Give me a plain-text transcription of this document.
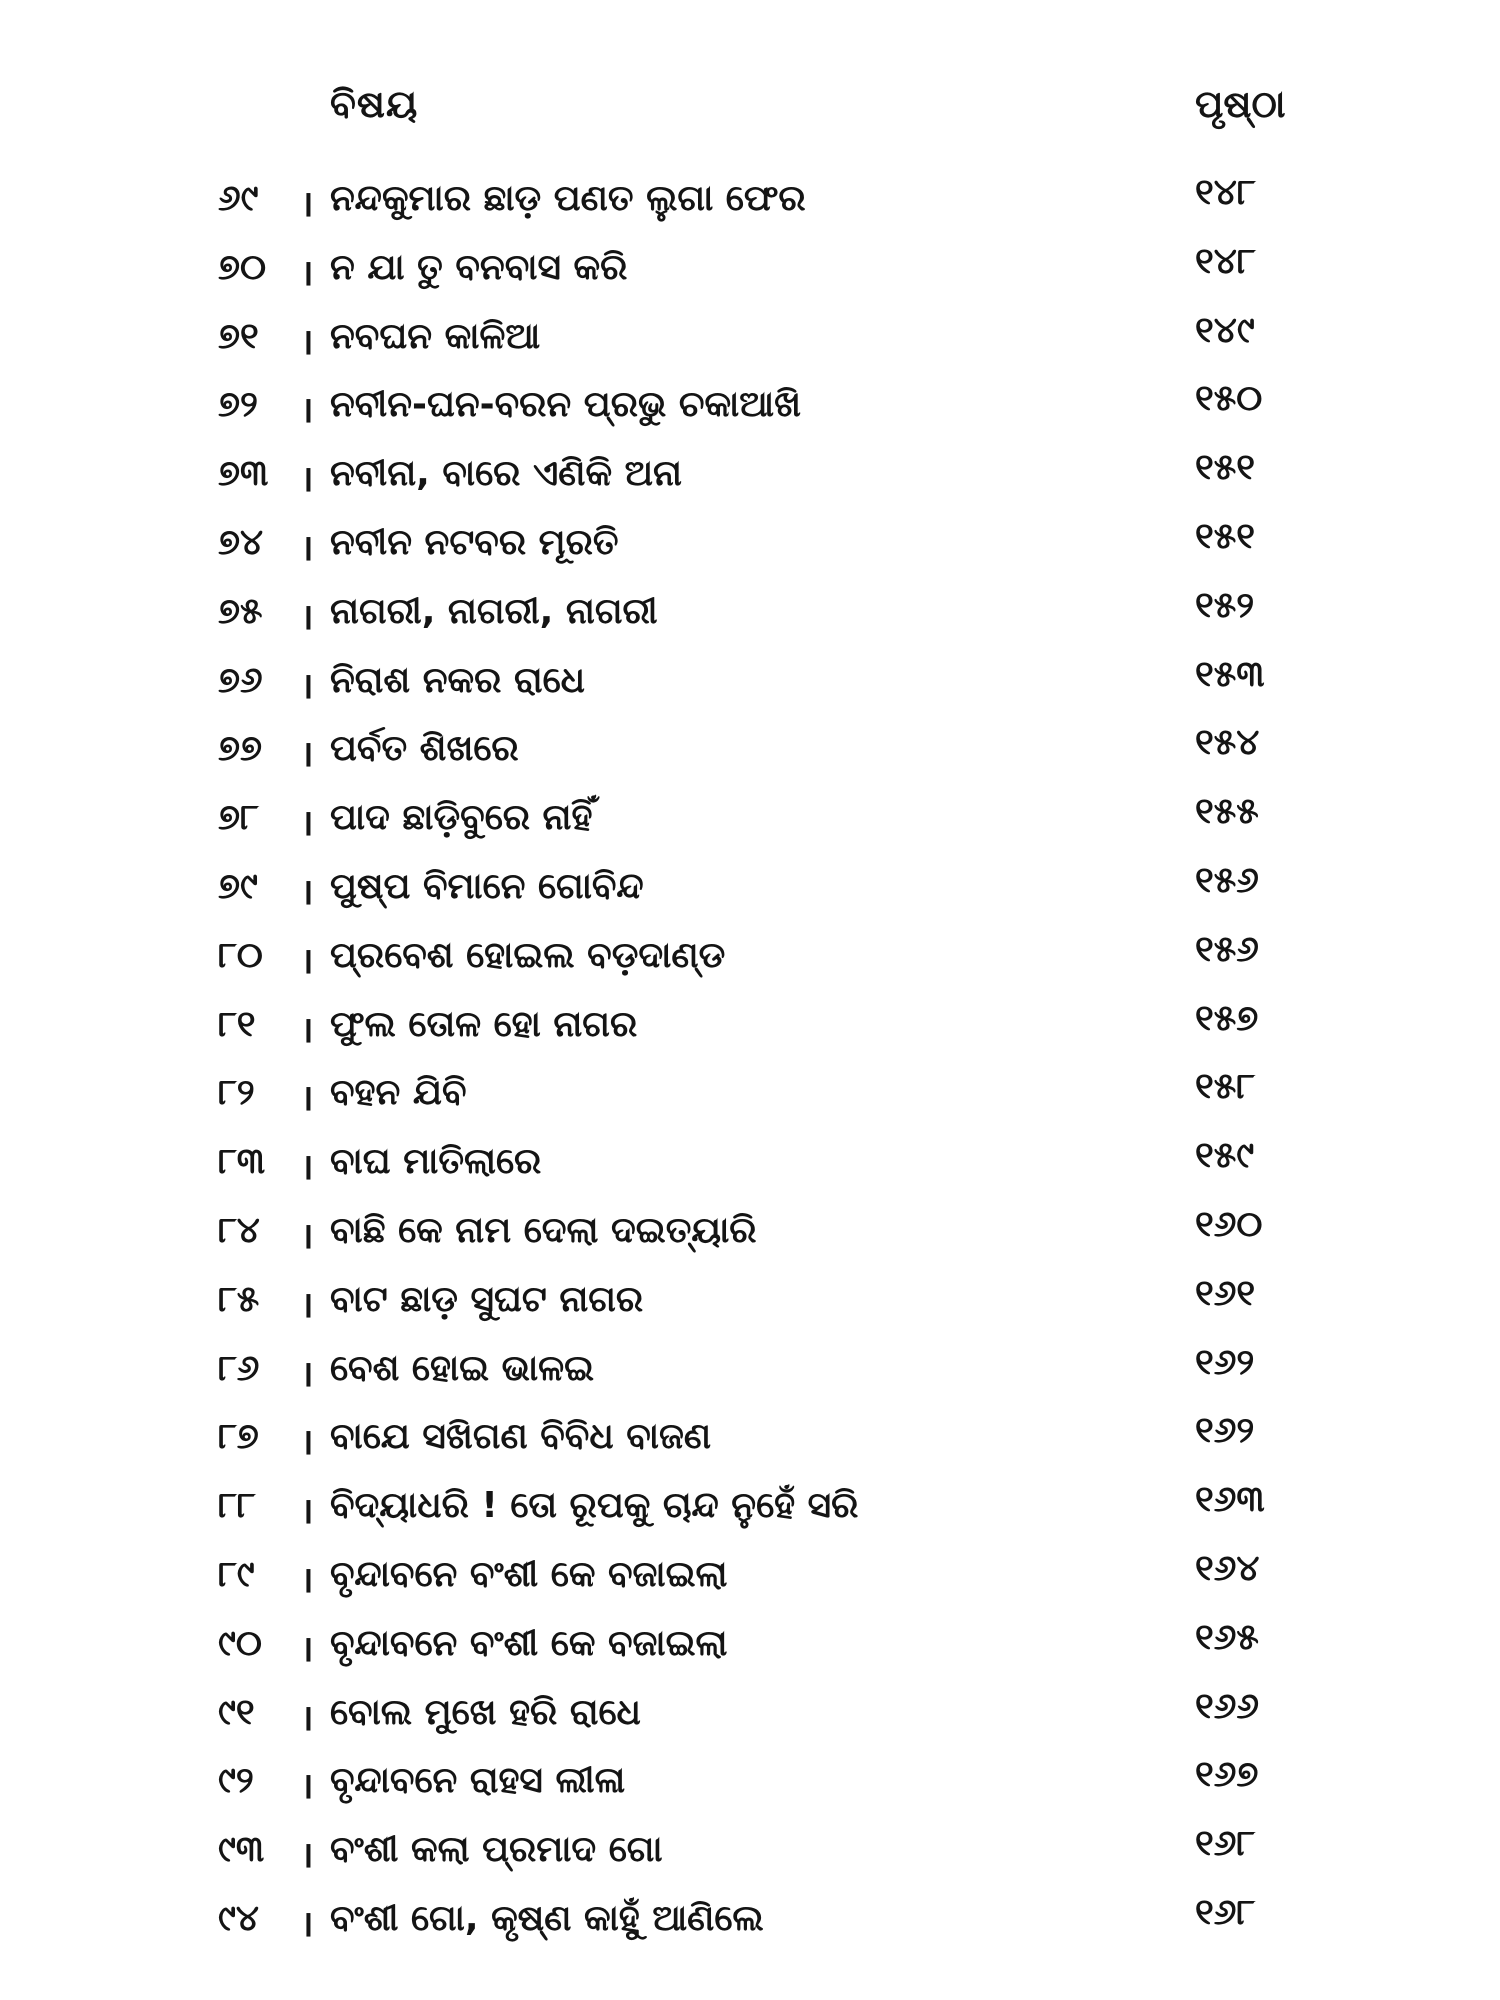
ବିଷୟ	ପୃଷ୍ଠା
୬୯	। ନନ୍ଦକୁମାର ଛାଡ଼ ପଣତ ଲୁଗା ଫେର	୧୪୮
୭୦ । ନ ଯା ତୁ ବନବାସ କରି	୧୪୮
୭୧	। ନବଘନ କାଳିଆ	୧୪୯
୭୨	। ନବୀନ-ଘନ-ବରନ ପ୍ରଭୁ ଚକାଆଖି	୧୫୦
୭୩ । ନବୀନା, ବାରେ ଏଣିକି ଅନା	୧୫୧
୭୪	। ନବୀନ ନଟବର ମୂରତି	୧୫୧
୭୫	। ନାଗରୀ, ନାଗରୀ, ନାଗରୀ	୧୫୨
୭୬	। ନିରାଶ ନକର ରାଧେ	୧୫୩
୭୭	। ପର୍ବତ ଶିଖରେ	୧୫୪
୭୮	। ପାଦ ଛାଡ଼ିବୁରେ ନାହିଁ	୧୫୫
୭୯	। ପୁଷ୍ପ ବିମାନେ ଗୋବିନ୍ଦ	୧୫୬
୮୦	। ପ୍ରବେଶ ହୋଇଲ ବଡ଼ଦାଣ୍ଡ	୧୫୬
୮୧	। ଫୁଲ ତୋଳ ହୋ ନାଗର	୧୫୭
୮୨	। ବହନ ଯିବି	୧୫୮
୮୩ । ବାଘ ମାତିଲାରେ	୧୫୯
୮୪	। ବାଛି କେ ନାମ ଦେଲା ଦଇତ୍ୟାରି	୧୬୦
୮୫	। ବାଟ ଛାଡ଼ ସୁଘଟ ନାଗର	୧୬୧
୮୬	। ବେଶ ହୋଇ ଭାଳଇ	୧୬୨
୮୭	। ବାଯେ ସଖିଗଣ ବିବିଧ ବାଜଣ	୧୬୨
୮୮	। ବିଦ୍ୟାଧରି ! ତୋ ରୂପକୁ ଚାନ୍ଦ ନୁହେଁ ସରି	୧୬୩
୮୯	। ବୃନ୍ଦାବନେ ବଂଶୀ କେ ବଜାଇଲା	୧୬୪
୯୦	। ବୃନ୍ଦାବନେ ବଂଶୀ କେ ବଜାଇଲା	୧୬୫
୯୧	। ବୋଲ ମୁଖେ ହରି ରାଧେ	୧୬୬
୯୨	। ବୃନ୍ଦାବନେ ରାହସ ଲୀଳା	୧୬୭
୯୩ । ବଂଶୀ କଲା ପ୍ରମାଦ ଗୋ	୧୬୮
୯୪	। ବଂଶୀ ଗୋ, କୃଷ୍ଣ କାହୁଁ ଆଣିଲେ	୧୬୮
